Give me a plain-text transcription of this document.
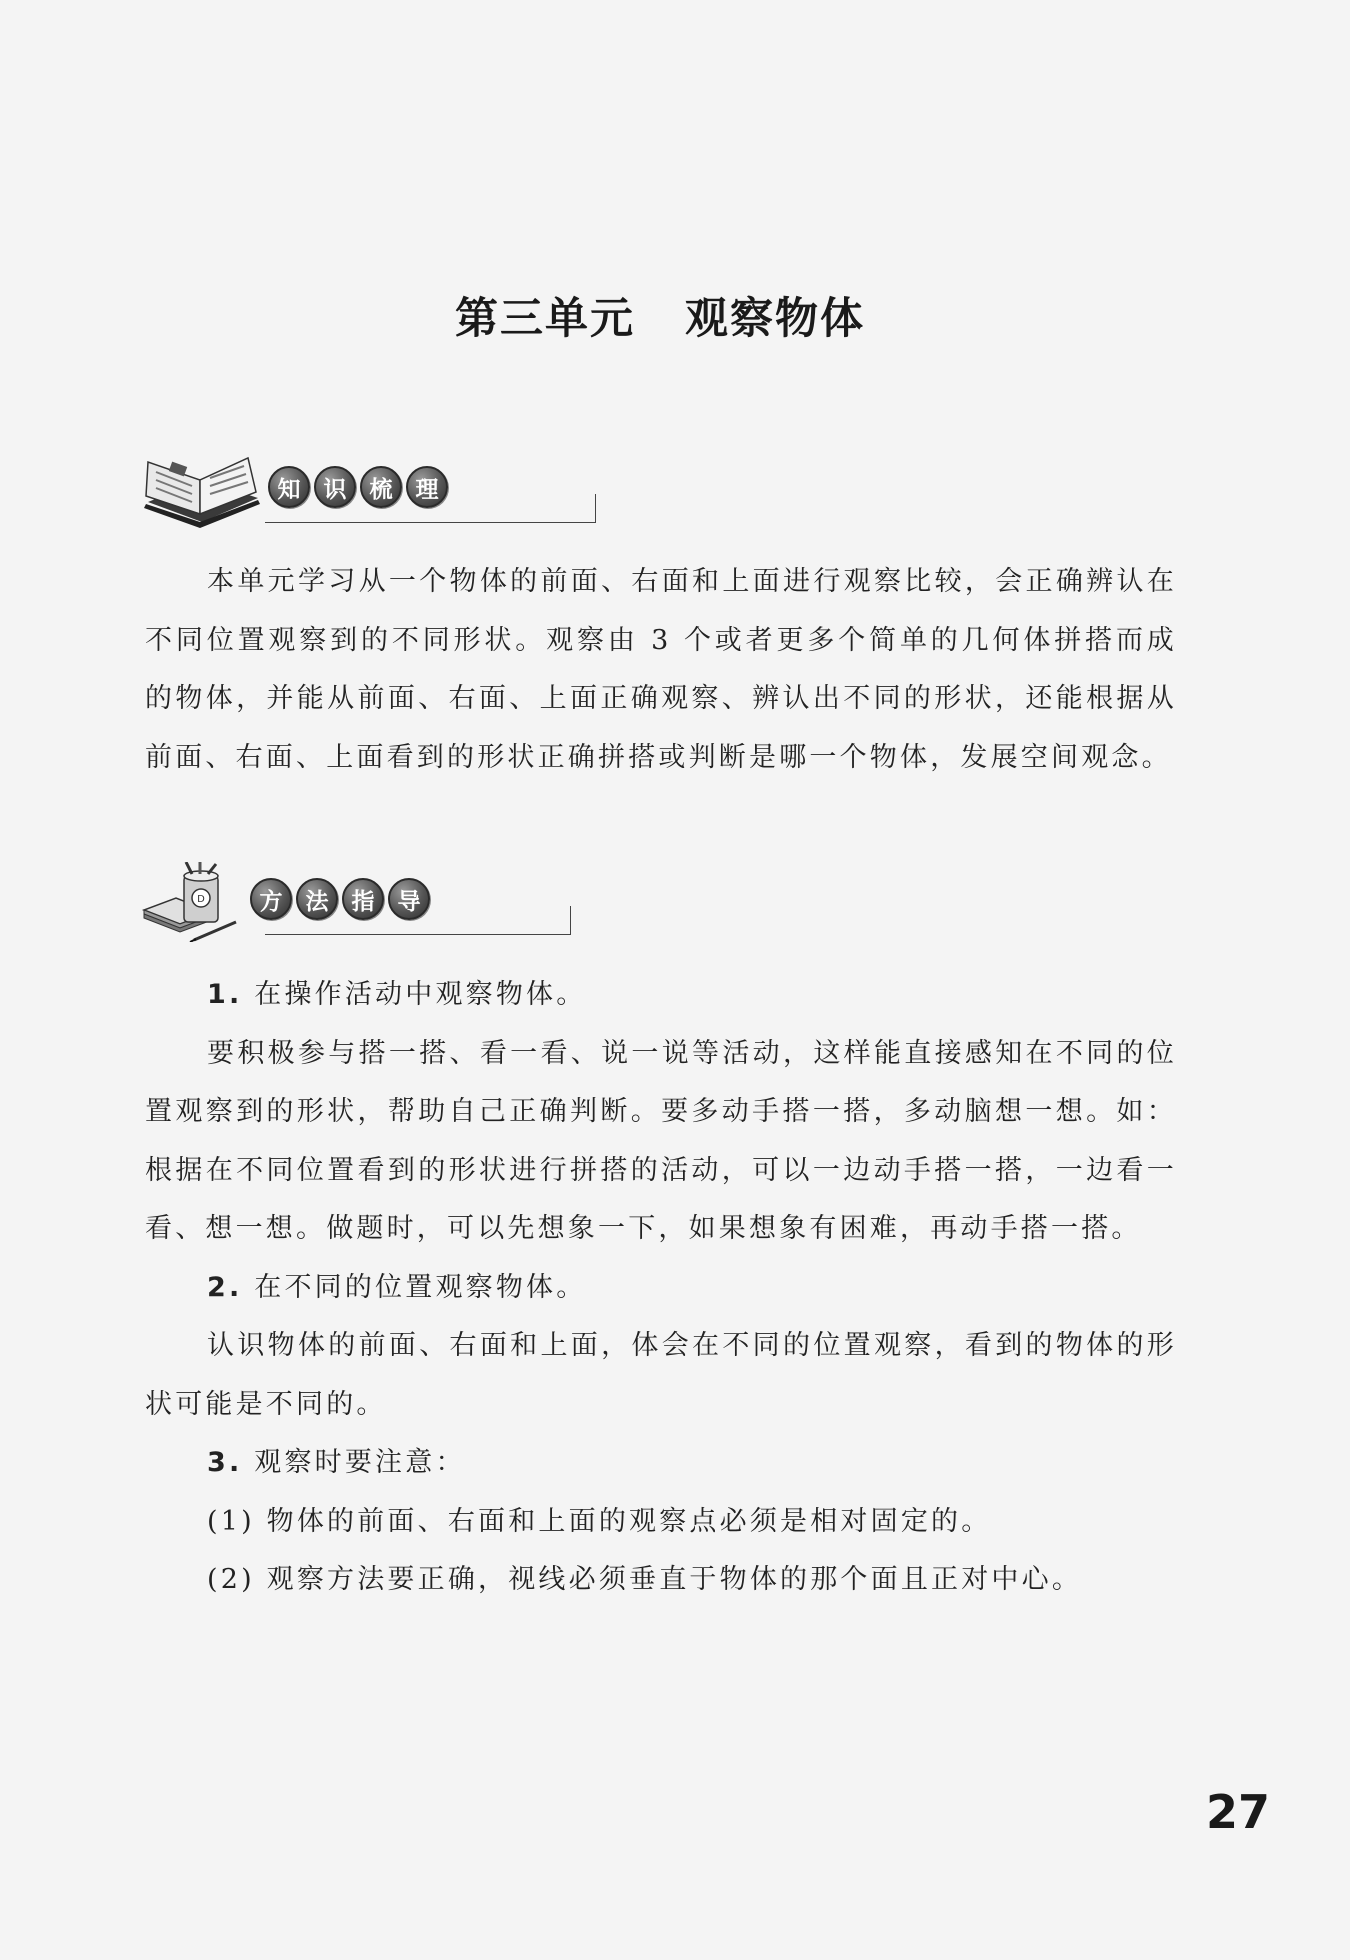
第三单元 观察物体
知	识	梳	理

本单元学习从一个物体的前面、右面和上面进行观察比较，会正确辨认在不同位置观察到的不同形状。观察由 3 个或者更多个简单的几何体拼搭而成的物体，并能从前面、右面、上面正确观察、辨认出不同的形状，还能根据从前面、右面、上面看到的形状正确拼搭或判断是哪一个物体，发展空间观念。

D	方	法	指	导

1. 在操作活动中观察物体。

要积极参与搭一搭、看一看、说一说等活动，这样能直接感知在不同的位置观察到的形状，帮助自己正确判断。要多动手搭一搭，多动脑想一想。如：根据在不同位置看到的形状进行拼搭的活动，可以一边动手搭一搭，一边看一看、想一想。做题时，可以先想象一下，如果想象有困难，再动手搭一搭。

2. 在不同的位置观察物体。

认识物体的前面、右面和上面，体会在不同的位置观察，看到的物体的形状可能是不同的。

3. 观察时要注意：

(1) 物体的前面、右面和上面的观察点必须是相对固定的。

(2) 观察方法要正确，视线必须垂直于物体的那个面且正对中心。

27
